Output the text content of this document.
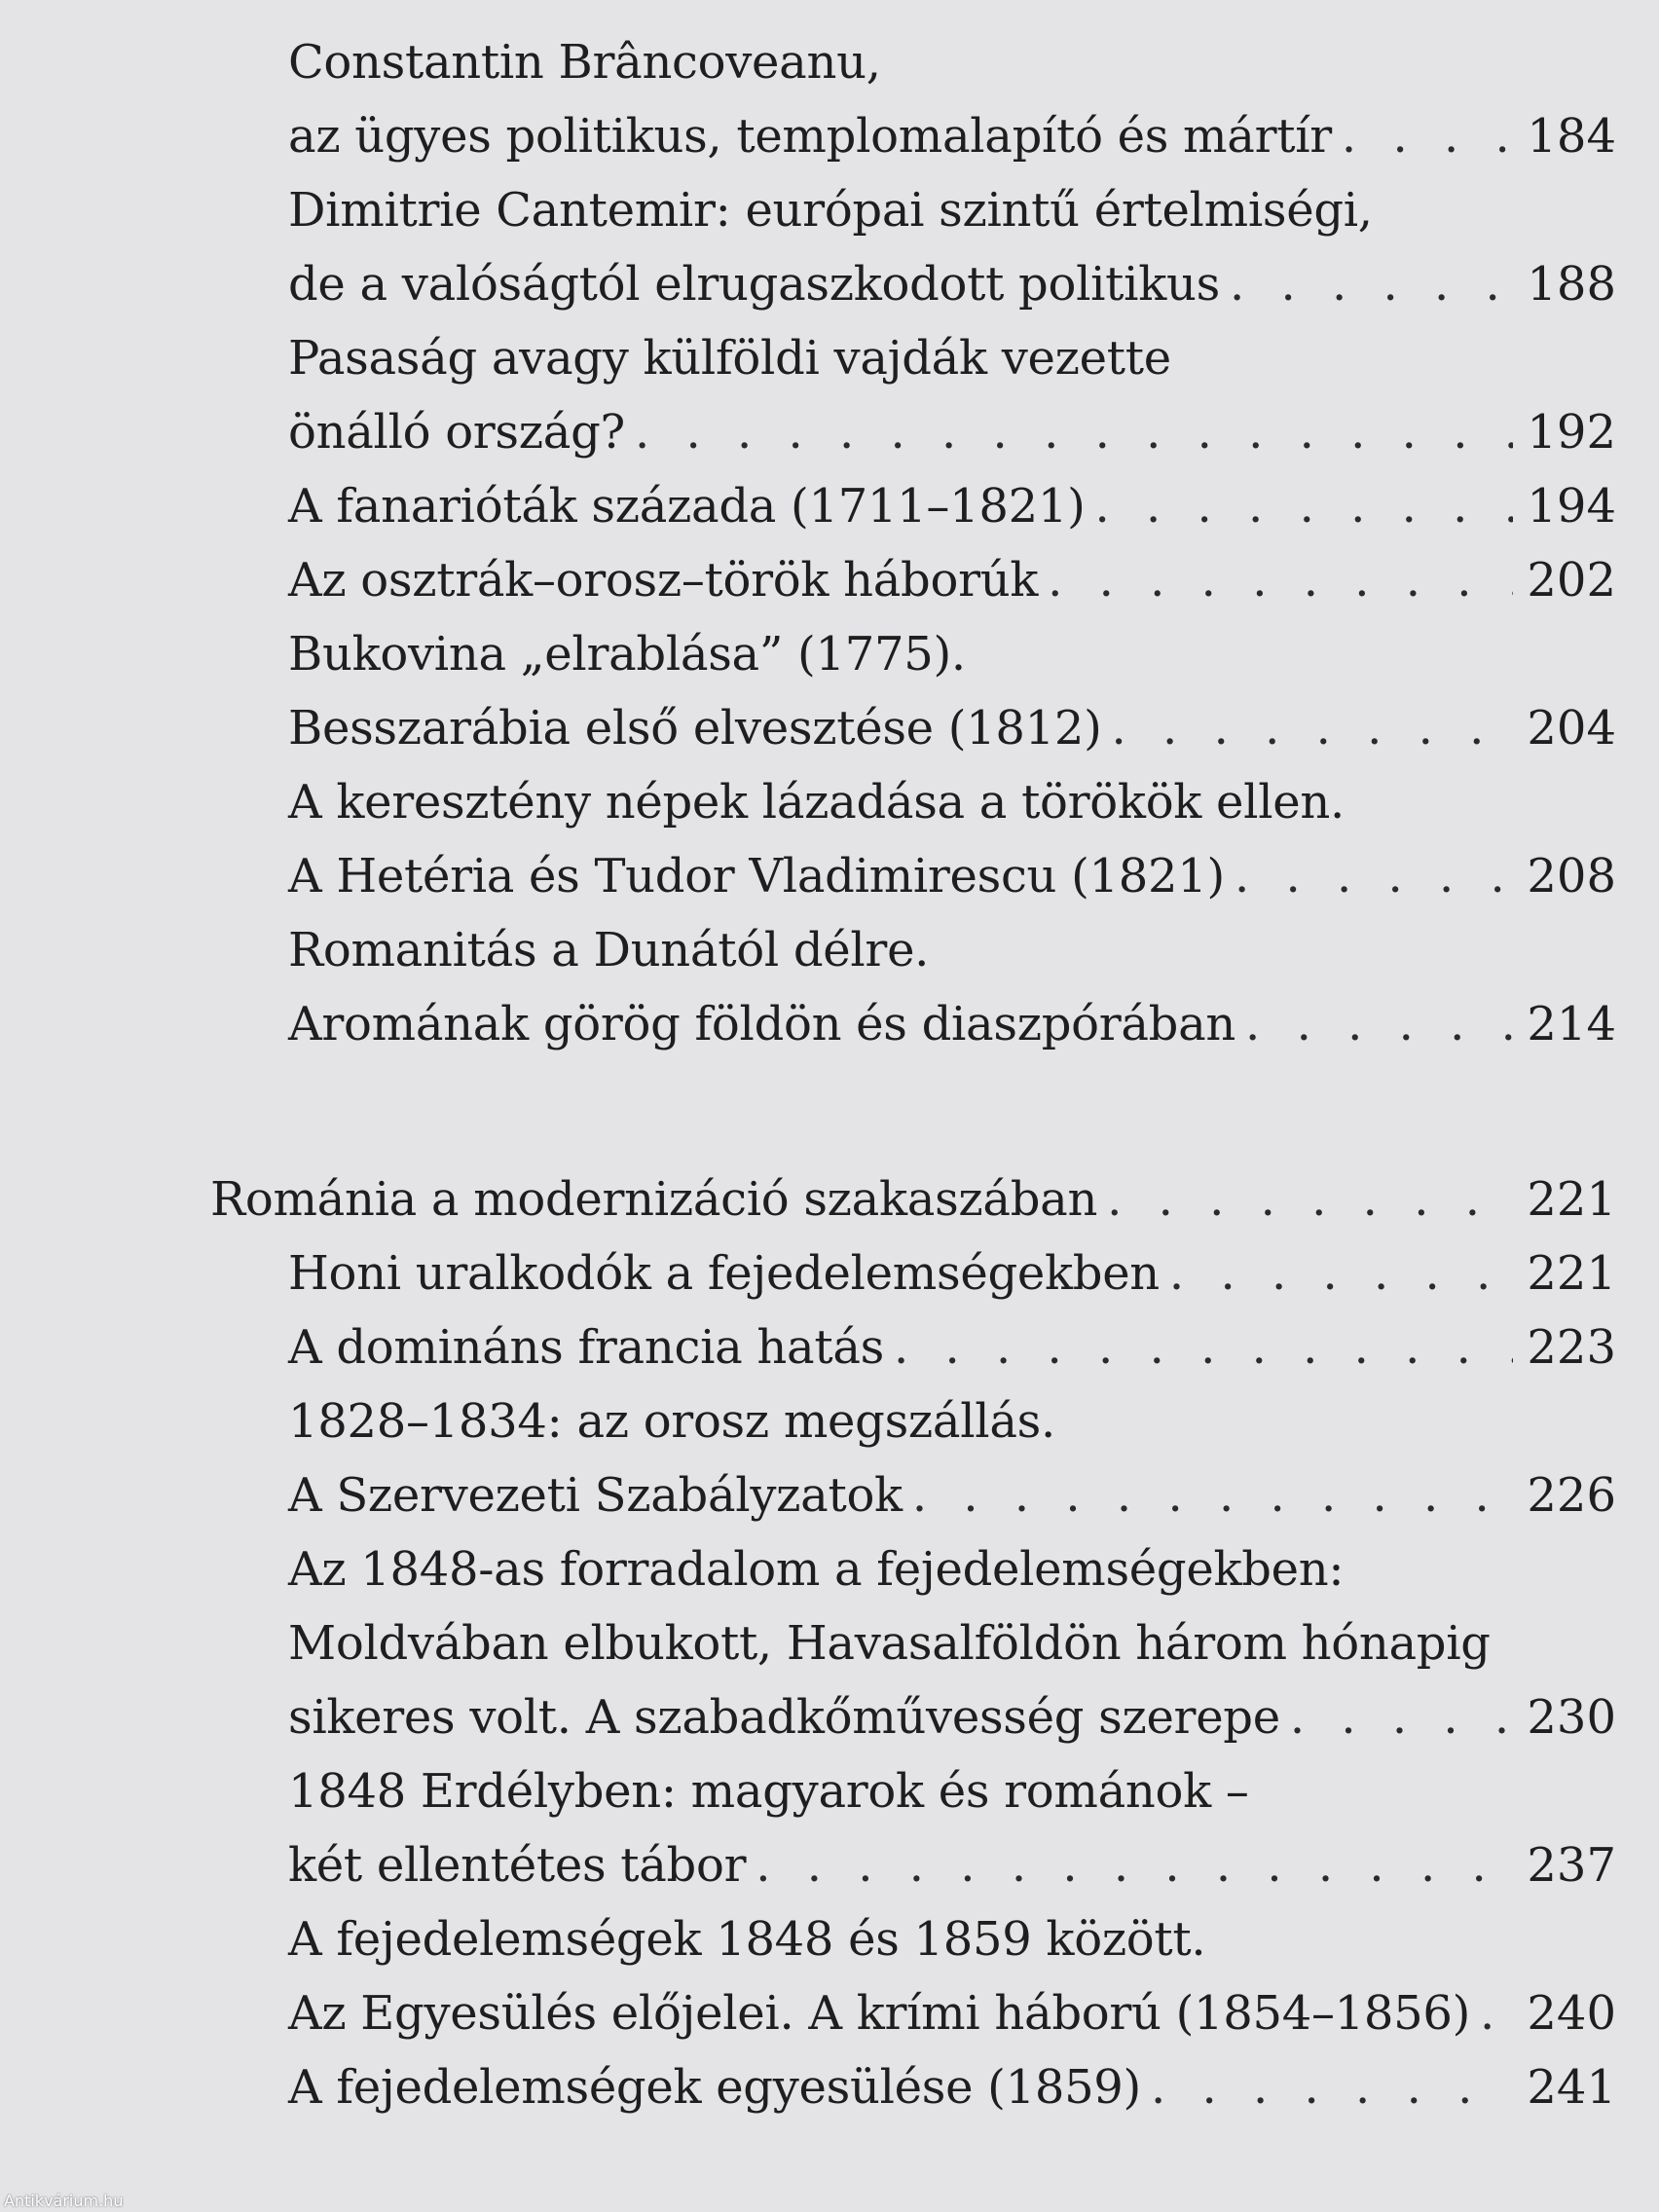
Constantin Brâncoveanu,
az ügyes politikus, templomalapító és mártír . . .	184
Dimitrie Cantemir: európai szintű értelmiségi,
de a valóságtól elrugaszkodott politikus . . .	188
Pasaság avagy külföldi vajdák vezette
önálló ország? . . .	192
A fanarióták százada (1711–1821) . . .	194
Az osztrák–orosz–török háborúk . . .	202
Bukovina „elrablása” (1775).
Besszarábia első elvesztése (1812) . . .	204
A keresztény népek lázadása a törökök ellen.
A Hetéria és Tudor Vladimirescu (1821) . . .	208
Romanitás a Dunától délre.
Aromának görög földön és diaszpórában . . .	214
Románia a modernizáció szakaszában . . .	221
Honi uralkodók a fejedelemségekben . . .	221
A domináns francia hatás . . .	223
1828–1834: az orosz megszállás.
A Szervezeti Szabályzatok . . .	226
Az 1848-as forradalom a fejedelemségekben:
Moldvában elbukott, Havasalföldön három hónapig
sikeres volt. A szabadkőművesség szerepe . . .	230
1848 Erdélyben: magyarok és románok –
két ellentétes tábor . . .	237
A fejedelemségek 1848 és 1859 között.
Az Egyesülés előjelei. A krími háború (1854–1856) . . . 240
A fejedelemségek egyesülése (1859) . . .	241
Antikvárium.hu
